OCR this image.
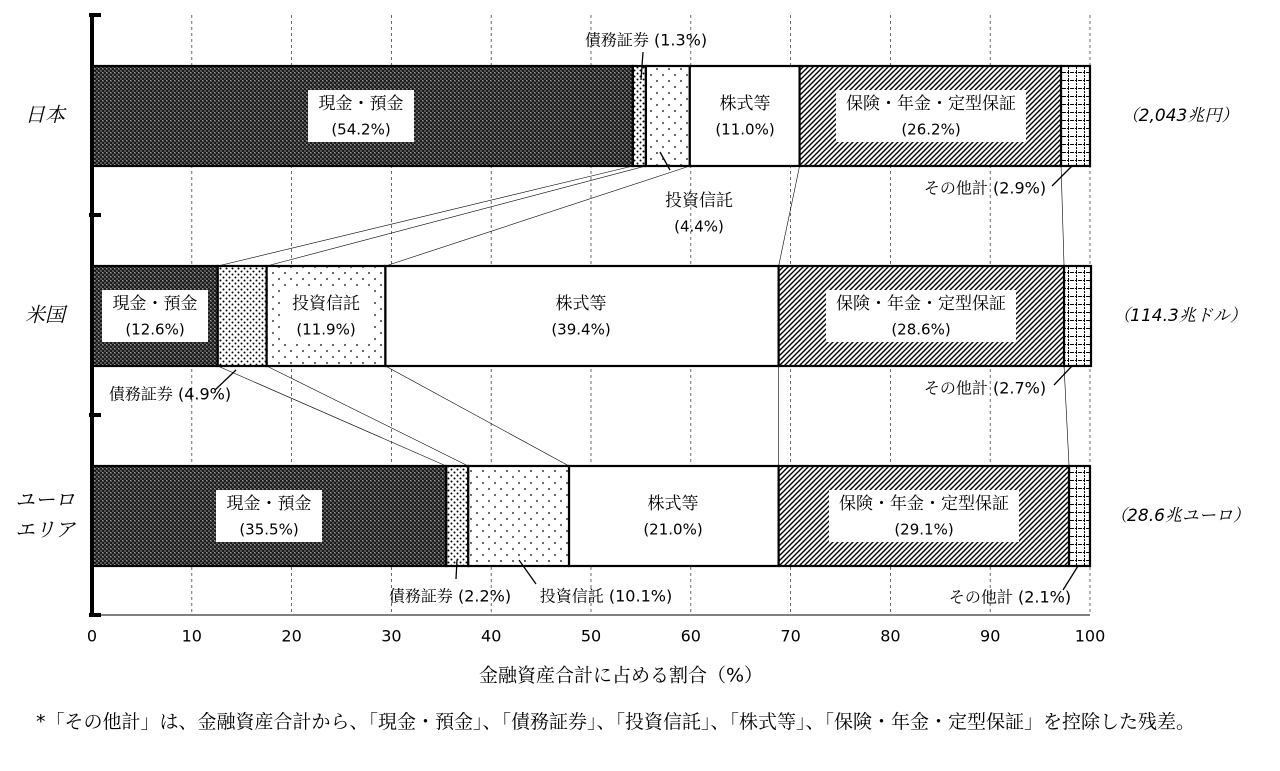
0	10	20	30	40	50	60	70	80	90	100
金融資産合計に占める割合（%）
日本	（2,043兆円）
米国	（114.3兆ドル）
ユーロ
エリア
（28.6兆ユーロ）
現金・預金
(54.2%)
株式等
(11.0%)
保険・年金・定型保証
(26.2%)
現金・預金
(12.6%)
投資信託
(11.9%)
株式等
(39.4%)
保険・年金・定型保証
(28.6%)
現金・預金
(35.5%)
株式等
(21.0%)
保険・年金・定型保証
(29.1%)
債務証券 (1.3%)
投資信託
(4.4%)
その他計 (2.9%)
債務証券 (4.9%)	その他計 (2.7%)
債務証券 (2.2%) 投資信託 (10.1%)	その他計 (2.1%)
*「その他計」は、金融資産合計から、「現金・預金」、「債務証券」、「投資信託」、「株式等」、「保険・年金・定型保証」を控除した残差。
